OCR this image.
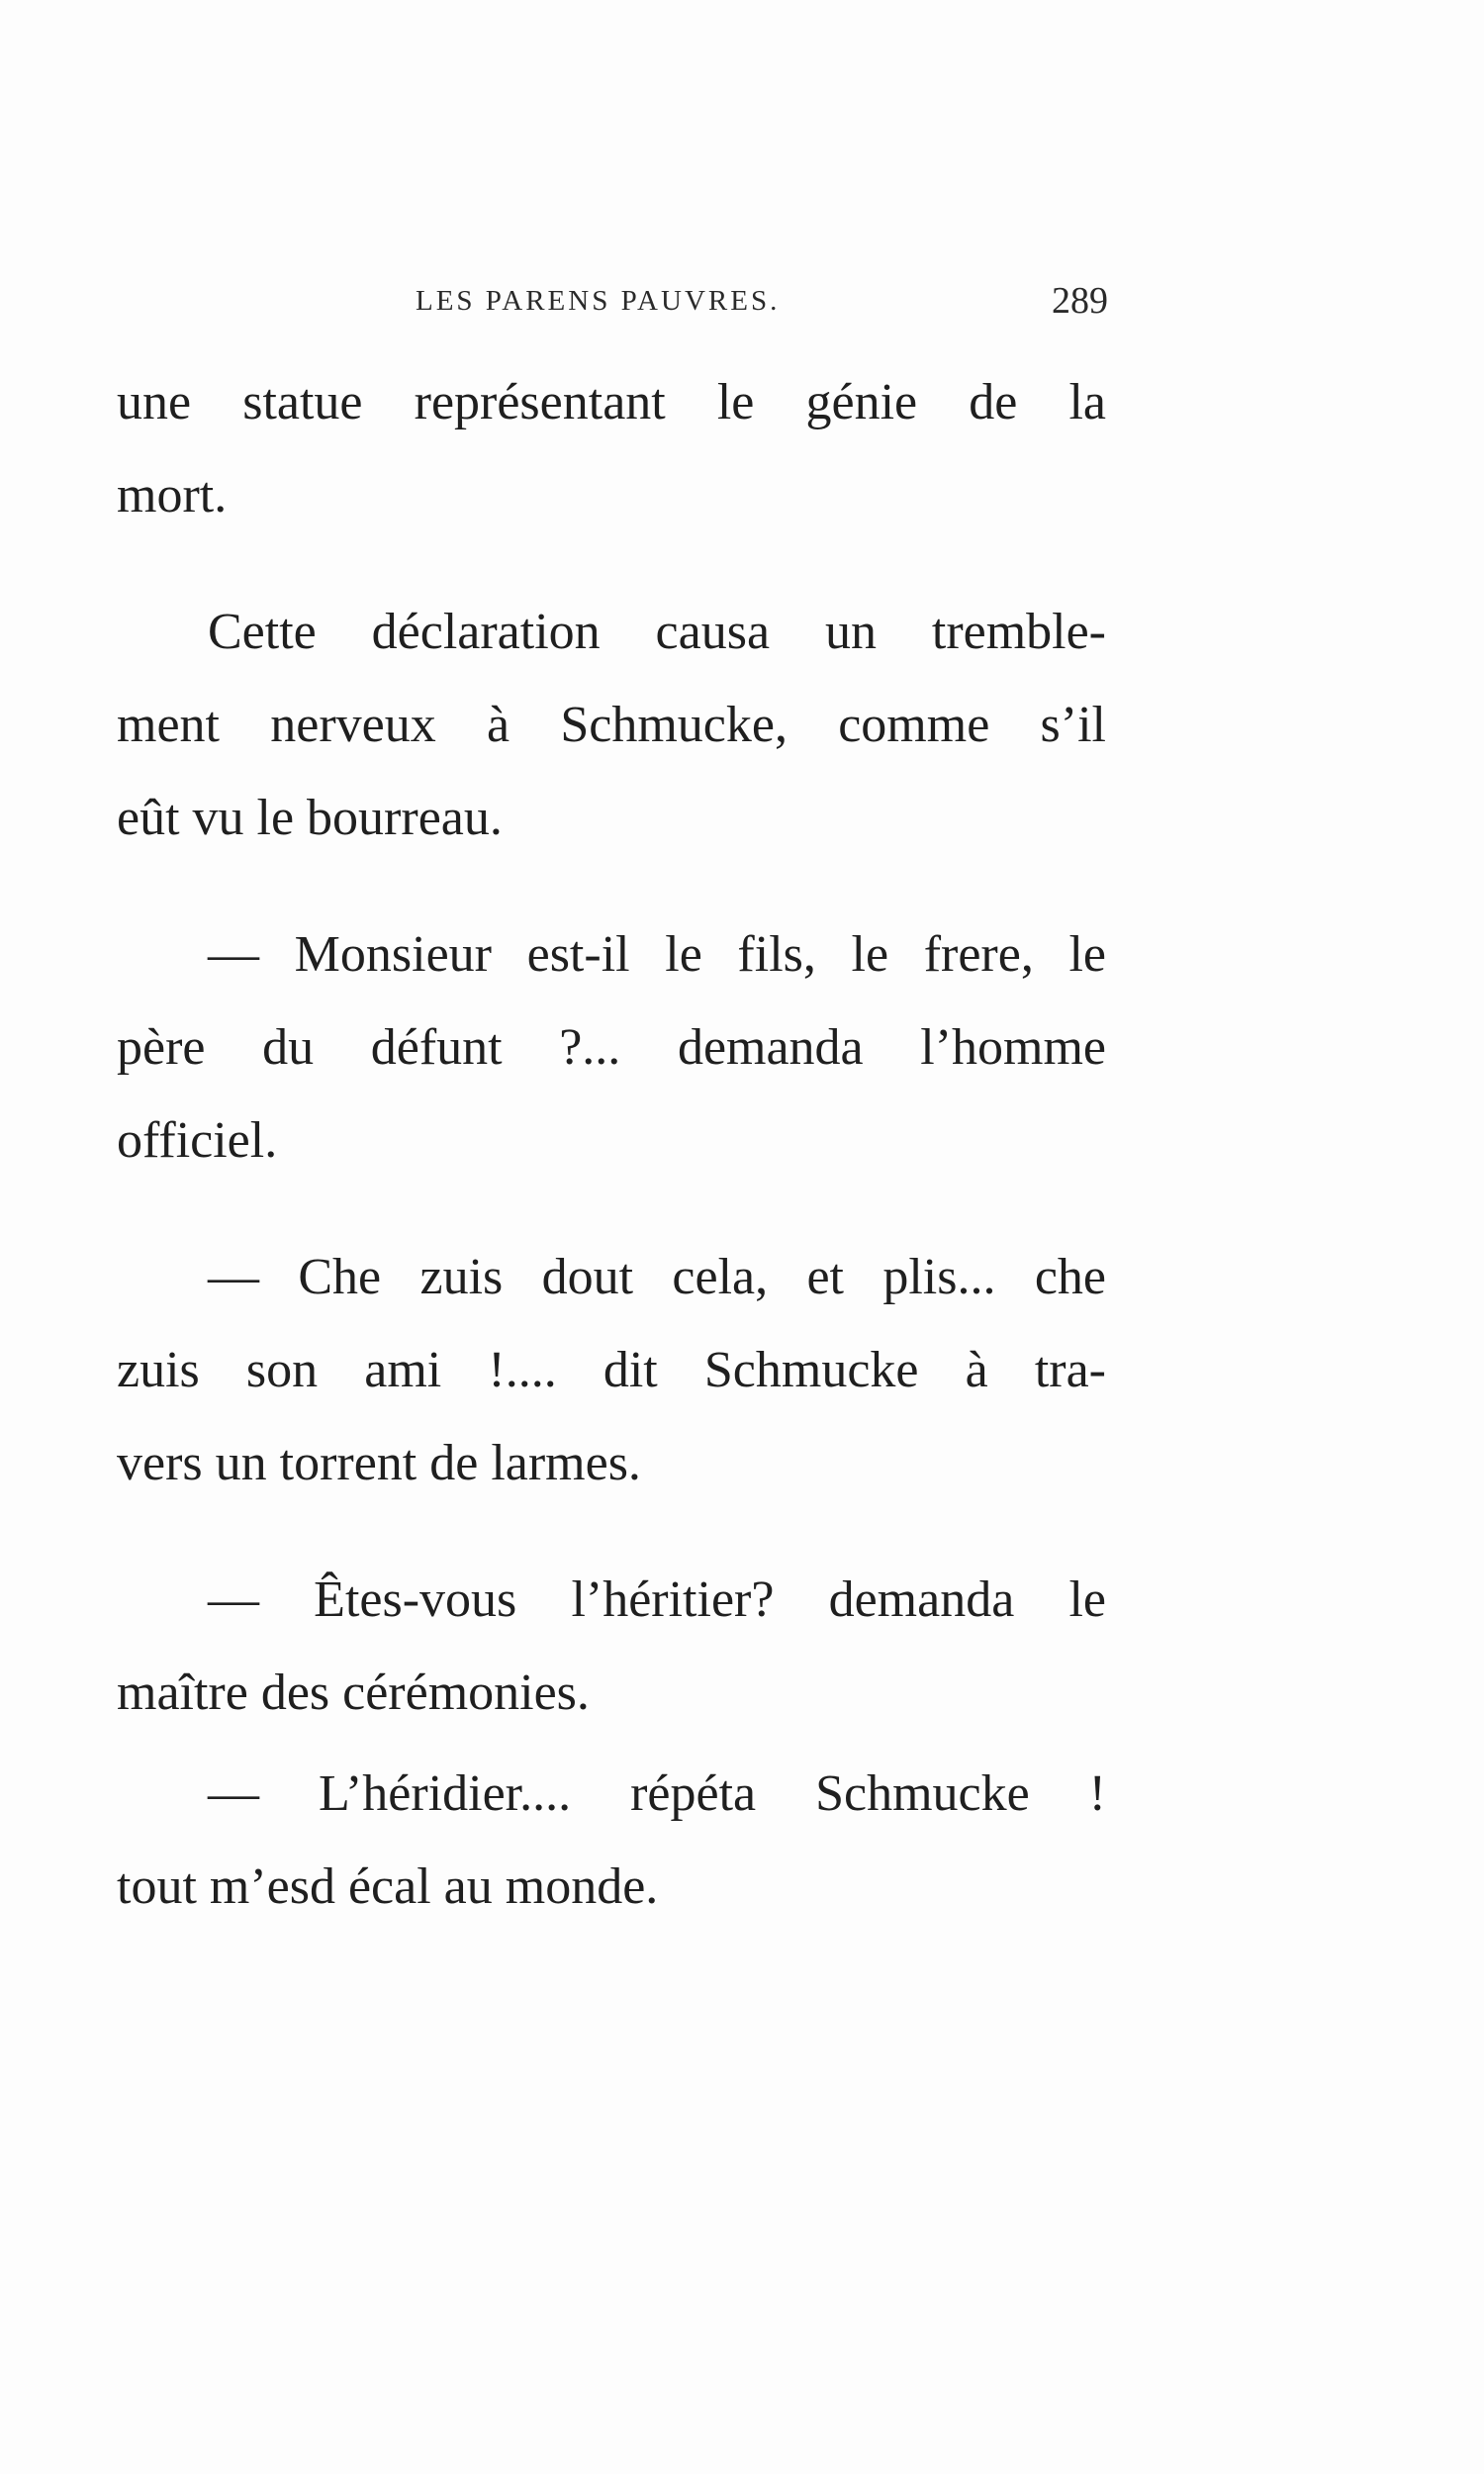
LES PARENS PAUVRES.	289
une statue représentant le génie de la
mort.
Cette déclaration causa un tremble-
ment nerveux à Schmucke, comme s’il
eût vu le bourreau.
— Monsieur est-il le fils, le frere, le
père du défunt ?... demanda l’homme
officiel.
— Che zuis dout cela, et plis... che
zuis son ami !.... dit Schmucke à tra-
vers un torrent de larmes.
— Êtes-vous l’héritier? demanda le
maître des cérémonies.
— L’héridier.... répéta Schmucke !
tout m’esd écal au monde.
